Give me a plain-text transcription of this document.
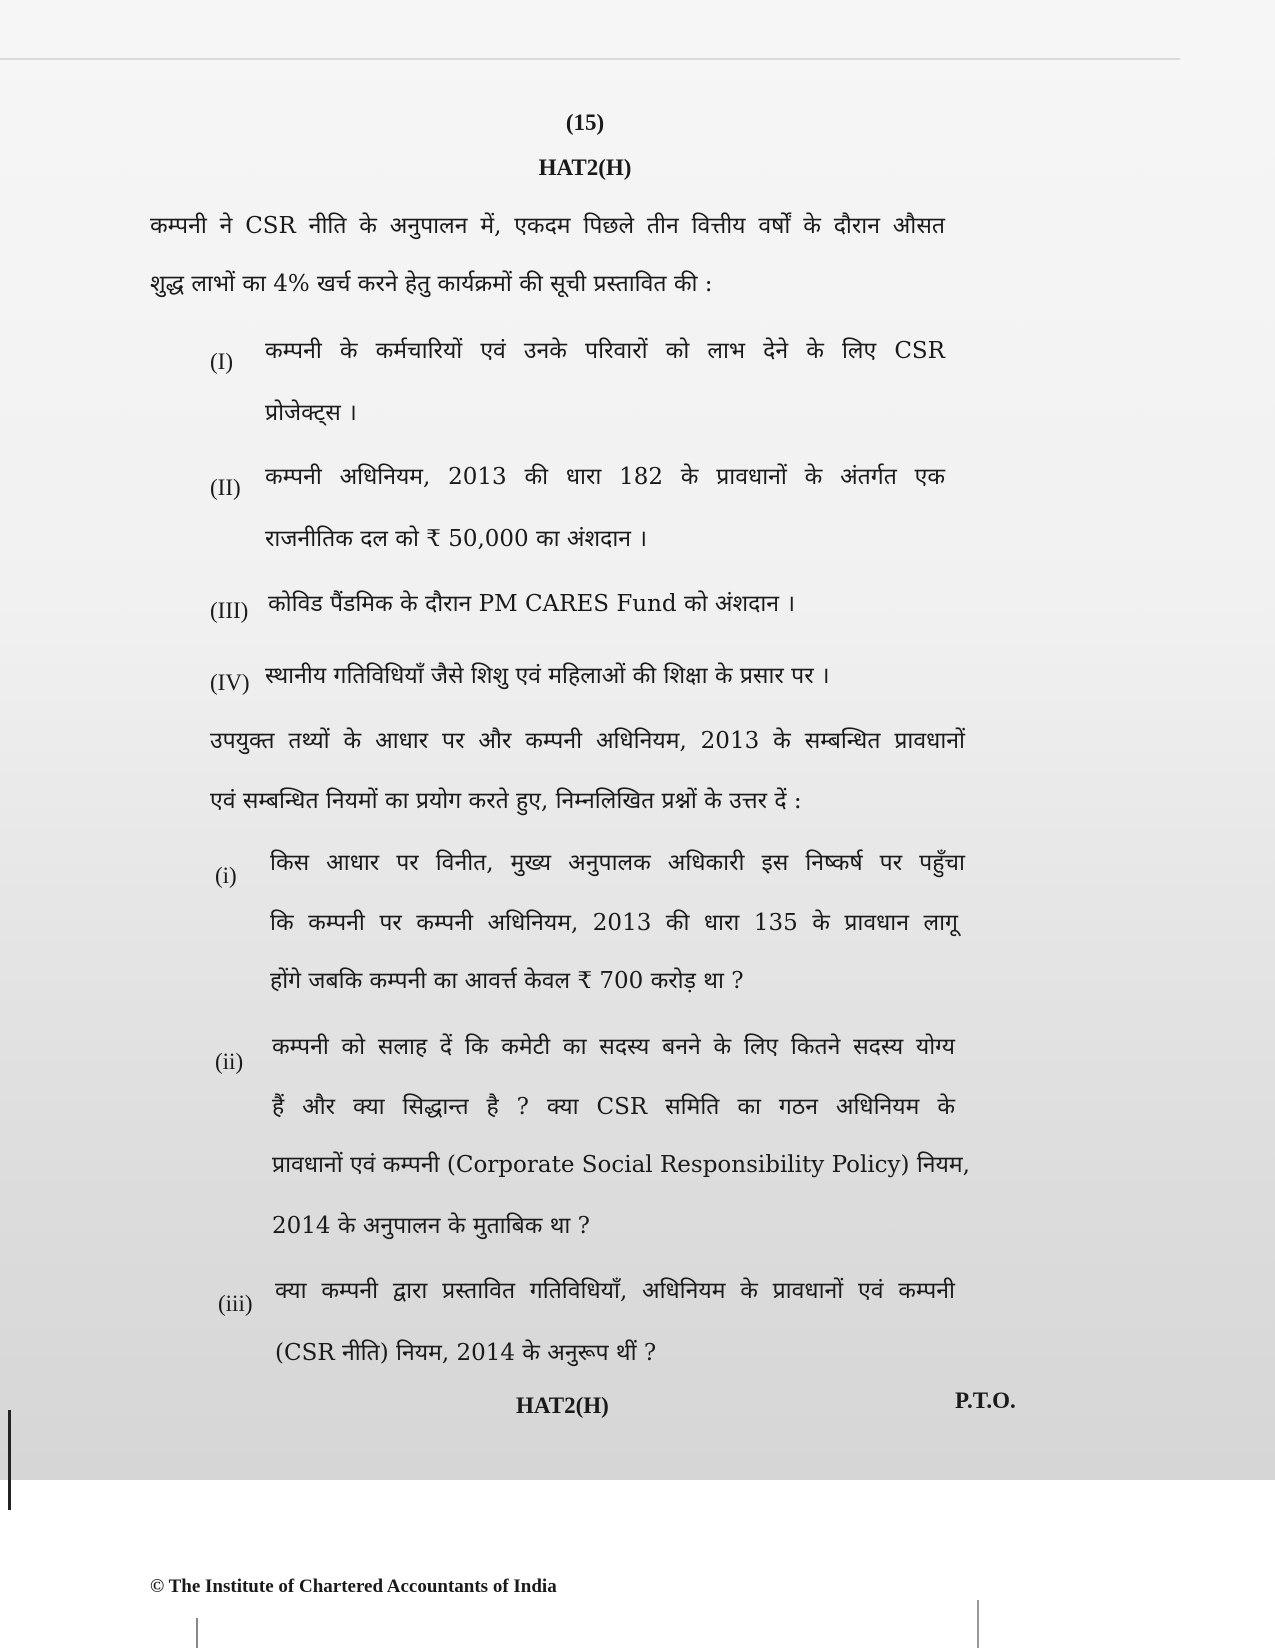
(15)
HAT2(H)
कम्पनी ने CSR नीति के अनुपालन में, एकदम पिछले तीन वित्तीय वर्षों के दौरान औसत
शुद्ध लाभों का 4% खर्च करने हेतु कार्यक्रमों की सूची प्रस्तावित की :
(I) कम्पनी के कर्मचारियों एवं उनके परिवारों को लाभ देने के लिए CSR
प्रोजेक्ट्स ।
(II) कम्पनी अधिनियम, 2013 की धारा 182 के प्रावधानों के अंतर्गत एक
राजनीतिक दल को ₹ 50,000 का अंशदान ।
(III) कोविड पैंडमिक के दौरान PM CARES Fund को अंशदान ।
(IV) स्थानीय गतिविधियाँ जैसे शिशु एवं महिलाओं की शिक्षा के प्रसार पर ।
उपयुक्त तथ्यों के आधार पर और कम्पनी अधिनियम, 2013 के सम्बन्धित प्रावधानों
एवं सम्बन्धित नियमों का प्रयोग करते हुए, निम्नलिखित प्रश्नों के उत्तर दें :
(i) किस आधार पर विनीत, मुख्य अनुपालक अधिकारी इस निष्कर्ष पर पहुँचा
कि कम्पनी पर कम्पनी अधिनियम, 2013 की धारा 135 के प्रावधान लागू
होंगे जबकि कम्पनी का आवर्त्त केवल ₹ 700 करोड़ था ?
(ii)
कम्पनी को सलाह दें कि कमेटी का सदस्य बनने के लिए कितने सदस्य योग्य
हैं और क्या सिद्धान्त है ? क्या CSR समिति का गठन अधिनियम के
प्रावधानों एवं कम्पनी (Corporate Social Responsibility Policy) नियम,
2014 के अनुपालन के मुताबिक था ?
(iii) क्या कम्पनी द्वारा प्रस्तावित गतिविधियाँ, अधिनियम के प्रावधानों एवं कम्पनी
(CSR नीति) नियम, 2014 के अनुरूप थीं ?
HAT2(H)	P.T.O.
© The Institute of Chartered Accountants of India
